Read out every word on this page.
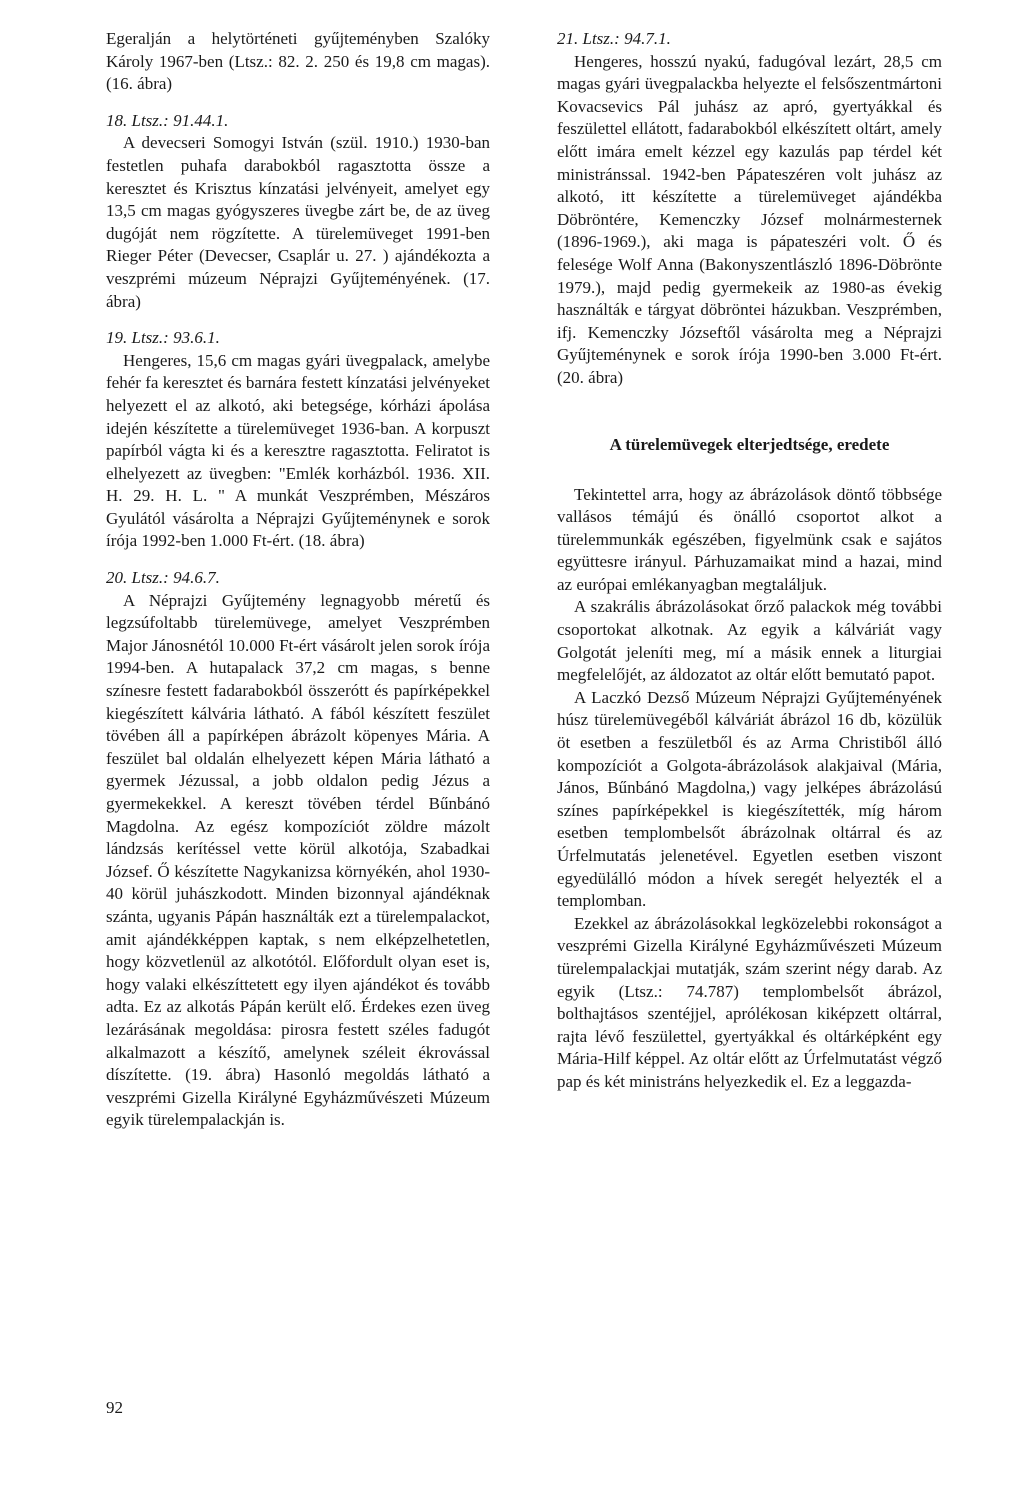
Egeralján a helytörténeti gyűjteményben Szalóky Károly 1967-ben (Ltsz.: 82. 2. 250 és 19,8 cm magas). (16. ábra)

18. Ltsz.: 91.44.1.

A devecseri Somogyi István (szül. 1910.) 1930-ban festetlen puhafa darabokból ragasztotta össze a keresztet és Krisztus kínzatási jelvényeit, amelyet egy 13,5 cm magas gyógyszeres üvegbe zárt be, de az üveg dugóját nem rögzítette. A türelemüveget 1991-ben Rieger Péter (Devecser, Csaplár u. 27. ) ajándékozta a veszprémi múzeum Néprajzi Gyűjteményének. (17. ábra)

19. Ltsz.: 93.6.1.

Hengeres, 15,6 cm magas gyári üvegpalack, amelybe fehér fa keresztet és barnára festett kínzatási jelvényeket helyezett el az alkotó, aki betegsége, kórházi ápolása idején készítette a türelemüveget 1936-ban. A korpuszt papírból vágta ki és a keresztre ragasztotta. Feliratot is elhelyezett az üvegben: "Emlék korházból. 1936. XII. H. 29. H. L. " A munkát Veszprémben, Mészáros Gyulától vásárolta a Néprajzi Gyűjteménynek e sorok írója 1992-ben 1.000 Ft-ért. (18. ábra)

20. Ltsz.: 94.6.7.

A Néprajzi Gyűjtemény legnagyobb méretű és legzsúfoltabb türelemüvege, amelyet Veszprémben Major Jánosnétól 10.000 Ft-ért vásárolt jelen sorok írója 1994-ben. A hutapalack 37,2 cm magas, s benne színesre festett fadarabokból összerótt és papírképekkel kiegészített kálvária látható. A fából készített feszület tövében áll a papírképen ábrázolt köpenyes Mária. A feszület bal oldalán elhelyezett képen Mária látható a gyermek Jézussal, a jobb oldalon pedig Jézus a gyermekekkel. A kereszt tövében térdel Bűnbánó Magdolna. Az egész kompozíciót zöldre mázolt lándzsás kerítéssel vette körül alkotója, Szabadkai József. Ő készítette Nagykanizsa környékén, ahol 1930-40 körül juhászkodott. Minden bizonnyal ajándéknak szánta, ugyanis Pápán használták ezt a türelempalackot, amit ajándékképpen kaptak, s nem elképzelhetetlen, hogy közvetlenül az alkotótól. Előfordult olyan eset is, hogy valaki elkészíttetett egy ilyen ajándékot és tovább adta. Ez az alkotás Pápán került elő. Érdekes ezen üveg lezárásának megoldása: pirosra festett széles fadugót alkalmazott a készítő, amelynek széleit ékrovással díszítette. (19. ábra) Hasonló megoldás látható a veszprémi Gizella Királyné Egyházművészeti Múzeum egyik türelempalackján is.

21. Ltsz.: 94.7.1.

Hengeres, hosszú nyakú, fadugóval lezárt, 28,5 cm magas gyári üvegpalackba helyezte el felsőszentmártoni Kovacsevics Pál juhász az apró, gyertyákkal és feszülettel ellátott, fadarabokból elkészített oltárt, amely előtt imára emelt kézzel egy kazulás pap térdel két ministránssal. 1942-ben Pápateszéren volt juhász az alkotó, itt készítette a türelemüveget ajándékba Döbröntére, Kemenczky József molnármesternek (1896-1969.), aki maga is pápateszéri volt. Ő és felesége Wolf Anna (Bakonyszentlászló 1896-Döbrönte 1979.), majd pedig gyermekeik az 1980-as évekig használták e tárgyat döbröntei házukban. Veszprémben, ifj. Kemenczky Józseftől vásárolta meg a Néprajzi Gyűjteménynek e sorok írója 1990-ben 3.000 Ft-ért. (20. ábra)

A türelemüvegek elterjedtsége, eredete

Tekintettel arra, hogy az ábrázolások döntő többsége vallásos témájú és önálló csoportot alkot a türelemmunkák egészében, figyelmünk csak e sajátos együttesre irányul. Párhuzamaikat mind a hazai, mind az európai emlékanyagban megtaláljuk.

A szakrális ábrázolásokat őrző palackok még további csoportokat alkotnak. Az egyik a kálváriát vagy Golgotát jeleníti meg, mí a másik ennek a liturgiai megfelelőjét, az áldozatot az oltár előtt bemutató papot.

A Laczkó Dezső Múzeum Néprajzi Gyűjteményének húsz türelemüvegéből kálváriát ábrázol 16 db, közülük öt esetben a feszületből és az Arma Christiből álló kompozíciót a Golgota-ábrázolások alakjaival (Mária, János, Bűnbánó Magdolna,) vagy jelképes ábrázolású színes papírképekkel is kiegészítették, míg három esetben templombelsőt ábrázolnak oltárral és az Úrfelmutatás jelenetével. Egyetlen esetben viszont egyedülálló módon a hívek seregét helyezték el a templomban.

Ezekkel az ábrázolásokkal legközelebbi rokonságot a veszprémi Gizella Királyné Egyházművészeti Múzeum türelempalackjai mutatják, szám szerint négy darab. Az egyik (Ltsz.: 74.787) templombelsőt ábrázol, bolthajtásos szentéjjel, aprólékosan kiképzett oltárral, rajta lévő feszülettel, gyertyákkal és oltárképként egy Mária-Hilf képpel. Az oltár előtt az Úrfelmutatást végző pap és két ministráns helyezkedik el. Ez a leggazda-

92
